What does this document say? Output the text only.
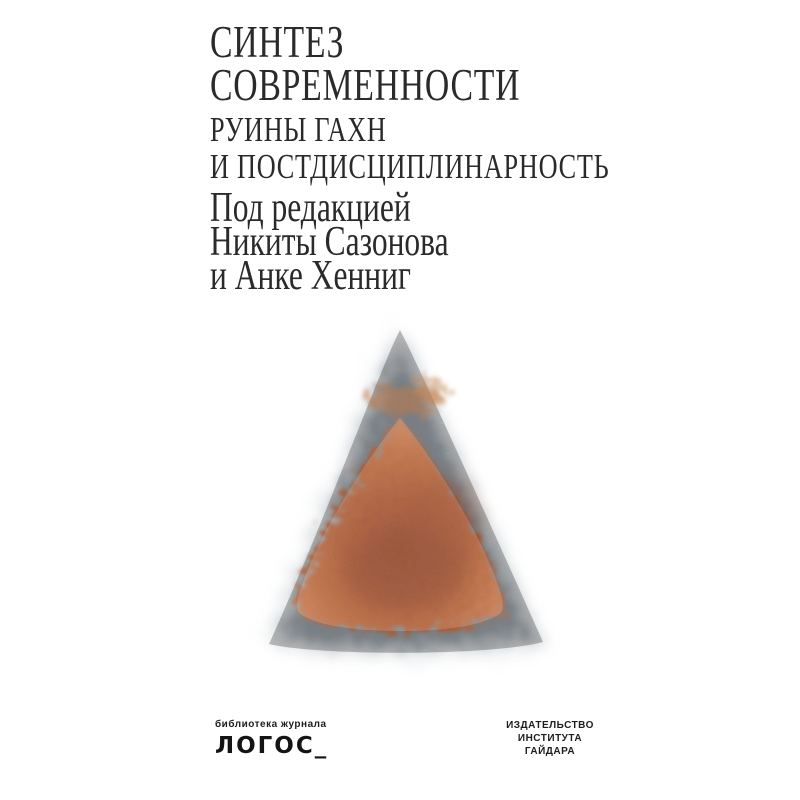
СИНТЕЗ
СОВРЕМЕННОСТИ
РУИНЫ ГАХН
И ПОСТДИСЦИПЛИНАРНОСТЬ
Под редакцией
Никиты Сазонова
и Анке Хенниг
библиотека журнала
ЛОГОС_
ИЗДАТЕЛЬСТВО
ИНСТИТУТА
ГАЙДАРА
